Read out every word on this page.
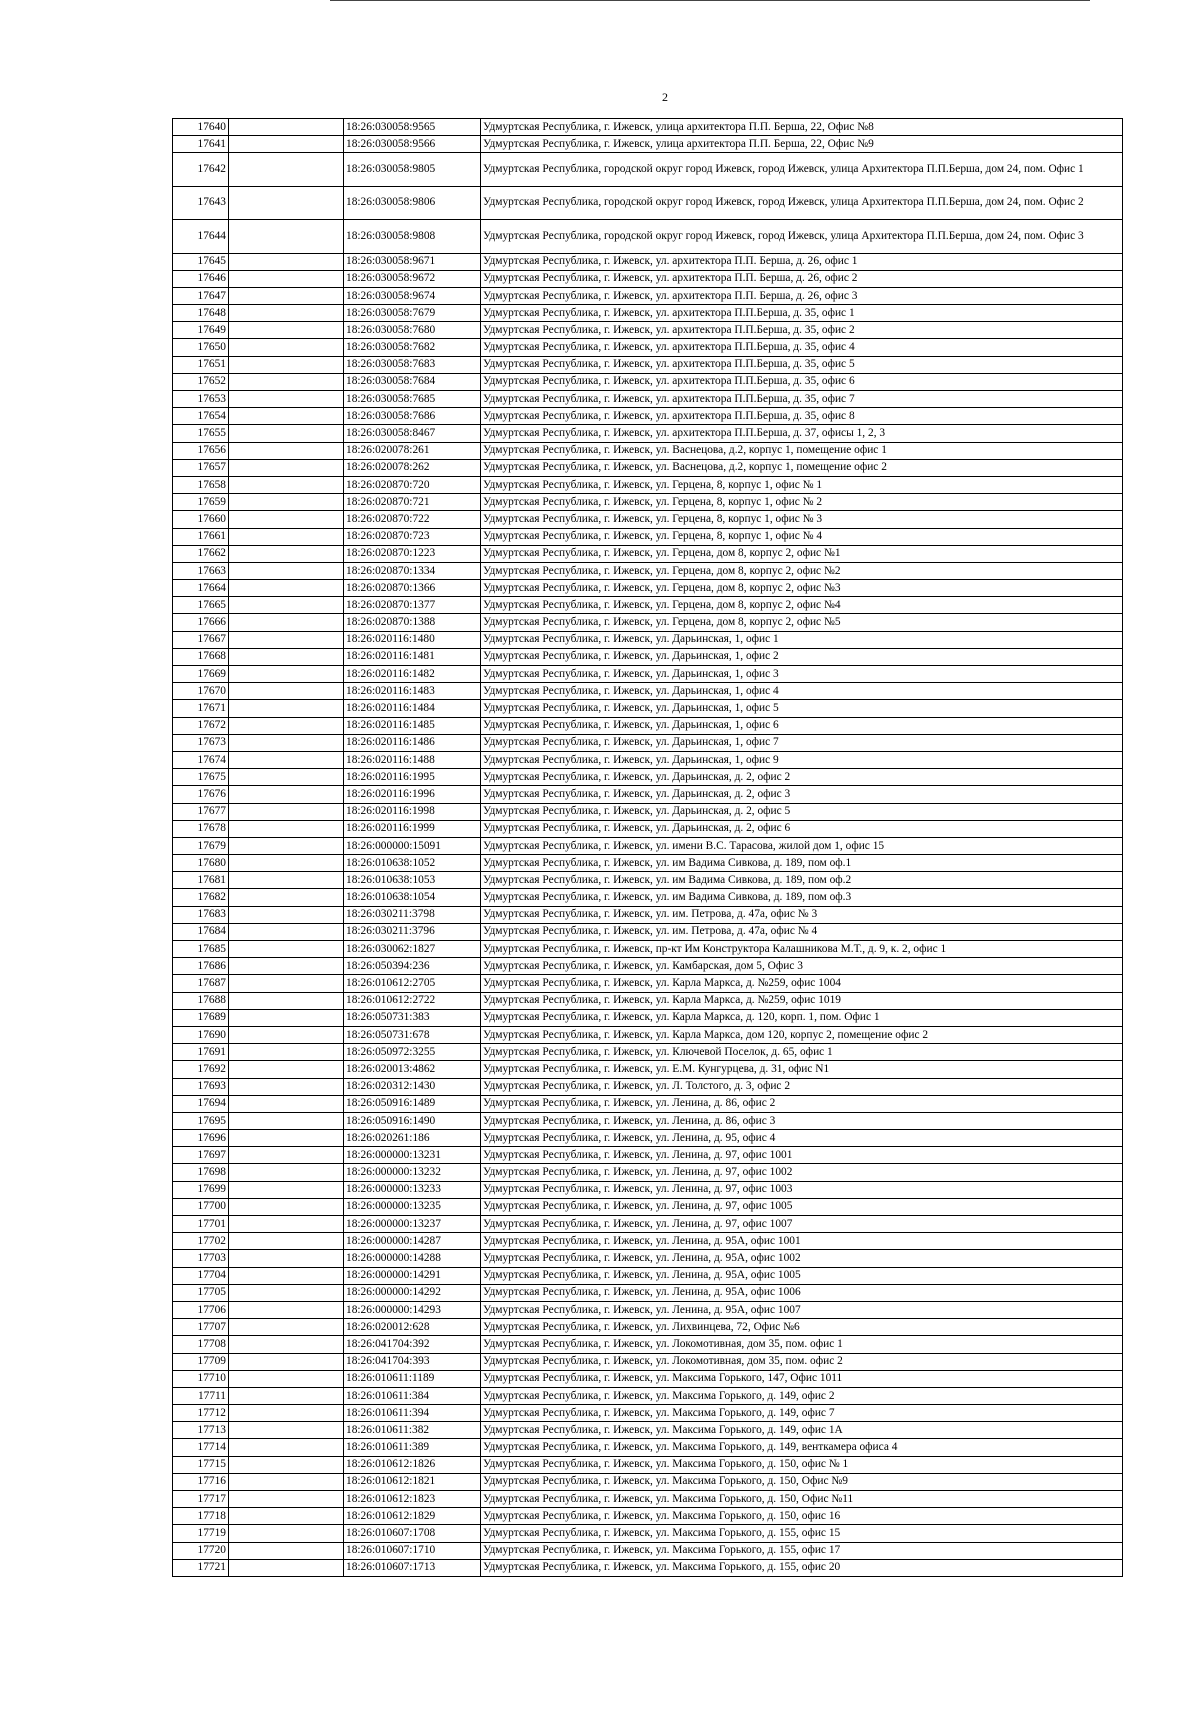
2
17640		18:26:030058:9565	Удмуртская Республика, г. Ижевск, улица архитектора П.П. Берша, 22, Офис №8
17641		18:26:030058:9566	Удмуртская Республика, г. Ижевск, улица архитектора П.П. Берша, 22, Офис №9
17642		18:26:030058:9805	Удмуртская Республика, городской округ город Ижевск, город Ижевск, улица Архитектора П.П.Берша, дом 24, пом. Офис 1
17643		18:26:030058:9806	Удмуртская Республика, городской округ город Ижевск, город Ижевск, улица Архитектора П.П.Берша, дом 24, пом. Офис 2
17644		18:26:030058:9808	Удмуртская Республика, городской округ город Ижевск, город Ижевск, улица Архитектора П.П.Берша, дом 24, пом. Офис 3
17645		18:26:030058:9671	Удмуртская Республика, г. Ижевск, ул. архитектора П.П. Берша, д. 26, офис 1
17646		18:26:030058:9672	Удмуртская Республика, г. Ижевск, ул. архитектора П.П. Берша, д. 26, офис 2
17647		18:26:030058:9674	Удмуртская Республика, г. Ижевск, ул. архитектора П.П. Берша, д. 26, офис 3
17648		18:26:030058:7679	Удмуртская Республика, г. Ижевск, ул. архитектора П.П.Берша, д. 35, офис 1
17649		18:26:030058:7680	Удмуртская Республика, г. Ижевск, ул. архитектора П.П.Берша, д. 35, офис 2
17650		18:26:030058:7682	Удмуртская Республика, г. Ижевск, ул. архитектора П.П.Берша, д. 35, офис 4
17651		18:26:030058:7683	Удмуртская Республика, г. Ижевск, ул. архитектора П.П.Берша, д. 35, офис 5
17652		18:26:030058:7684	Удмуртская Республика, г. Ижевск, ул. архитектора П.П.Берша, д. 35, офис 6
17653		18:26:030058:7685	Удмуртская Республика, г. Ижевск, ул. архитектора П.П.Берша, д. 35, офис 7
17654		18:26:030058:7686	Удмуртская Республика, г. Ижевск, ул. архитектора П.П.Берша, д. 35, офис 8
17655		18:26:030058:8467	Удмуртская Республика, г. Ижевск, ул. архитектора П.П.Берша, д. 37, офисы 1, 2, 3
17656		18:26:020078:261	Удмуртская Республика, г. Ижевск, ул. Васнецова, д.2, корпус 1, помещение офис 1
17657		18:26:020078:262	Удмуртская Республика, г. Ижевск, ул. Васнецова, д.2, корпус 1, помещение офис 2
17658		18:26:020870:720	Удмуртская Республика, г. Ижевск, ул. Герцена, 8, корпус 1, офис № 1
17659		18:26:020870:721	Удмуртская Республика, г. Ижевск, ул. Герцена, 8, корпус 1, офис № 2
17660		18:26:020870:722	Удмуртская Республика, г. Ижевск, ул. Герцена, 8, корпус 1, офис № 3
17661		18:26:020870:723	Удмуртская Республика, г. Ижевск, ул. Герцена, 8, корпус 1, офис № 4
17662		18:26:020870:1223	Удмуртская Республика, г. Ижевск, ул. Герцена, дом 8, корпус 2, офис №1
17663		18:26:020870:1334	Удмуртская Республика, г. Ижевск, ул. Герцена, дом 8, корпус 2, офис №2
17664		18:26:020870:1366	Удмуртская Республика, г. Ижевск, ул. Герцена, дом 8, корпус 2, офис №3
17665		18:26:020870:1377	Удмуртская Республика, г. Ижевск, ул. Герцена, дом 8, корпус 2, офис №4
17666		18:26:020870:1388	Удмуртская Республика, г. Ижевск, ул. Герцена, дом 8, корпус 2, офис №5
17667		18:26:020116:1480	Удмуртская Республика, г. Ижевск, ул. Дарьинская, 1, офис 1
17668		18:26:020116:1481	Удмуртская Республика, г. Ижевск, ул. Дарьинская, 1, офис 2
17669		18:26:020116:1482	Удмуртская Республика, г. Ижевск, ул. Дарьинская, 1, офис 3
17670		18:26:020116:1483	Удмуртская Республика, г. Ижевск, ул. Дарьинская, 1, офис 4
17671		18:26:020116:1484	Удмуртская Республика, г. Ижевск, ул. Дарьинская, 1, офис 5
17672		18:26:020116:1485	Удмуртская Республика, г. Ижевск, ул. Дарьинская, 1, офис 6
17673		18:26:020116:1486	Удмуртская Республика, г. Ижевск, ул. Дарьинская, 1, офис 7
17674		18:26:020116:1488	Удмуртская Республика, г. Ижевск, ул. Дарьинская, 1, офис 9
17675		18:26:020116:1995	Удмуртская Республика, г. Ижевск, ул. Дарьинская, д. 2, офис 2
17676		18:26:020116:1996	Удмуртская Республика, г. Ижевск, ул. Дарьинская, д. 2, офис 3
17677		18:26:020116:1998	Удмуртская Республика, г. Ижевск, ул. Дарьинская, д. 2, офис 5
17678		18:26:020116:1999	Удмуртская Республика, г. Ижевск, ул. Дарьинская, д. 2, офис 6
17679		18:26:000000:15091	Удмуртская Республика, г. Ижевск, ул. имени В.С. Тарасова, жилой дом 1, офис 15
17680		18:26:010638:1052	Удмуртская Республика, г. Ижевск, ул. им Вадима Сивкова, д. 189, пом оф.1
17681		18:26:010638:1053	Удмуртская Республика, г. Ижевск, ул. им Вадима Сивкова, д. 189, пом оф.2
17682		18:26:010638:1054	Удмуртская Республика, г. Ижевск, ул. им Вадима Сивкова, д. 189, пом оф.3
17683		18:26:030211:3798	Удмуртская Республика, г. Ижевск, ул. им. Петрова, д. 47а, офис № 3
17684		18:26:030211:3796	Удмуртская Республика, г. Ижевск, ул. им. Петрова, д. 47а, офис № 4
17685		18:26:030062:1827	Удмуртская Республика, г. Ижевск, пр-кт Им Конструктора Калашникова М.Т., д. 9, к. 2, офис 1
17686		18:26:050394:236	Удмуртская Республика, г. Ижевск, ул. Камбарская, дом 5, Офис 3
17687		18:26:010612:2705	Удмуртская Республика, г. Ижевск, ул. Карла Маркса, д. №259, офис 1004
17688		18:26:010612:2722	Удмуртская Республика, г. Ижевск, ул. Карла Маркса, д. №259, офис 1019
17689		18:26:050731:383	Удмуртская Республика, г. Ижевск, ул. Карла Маркса, д. 120, корп. 1, пом. Офис 1
17690		18:26:050731:678	Удмуртская Республика, г. Ижевск, ул. Карла Маркса, дом 120, корпус 2, помещение офис 2
17691		18:26:050972:3255	Удмуртская Республика, г. Ижевск, ул. Ключевой Поселок, д. 65, офис 1
17692		18:26:020013:4862	Удмуртская Республика, г. Ижевск, ул. Е.М. Кунгурцева, д. 31, офис N1
17693		18:26:020312:1430	Удмуртская Республика, г. Ижевск, ул. Л. Толстого, д. 3, офис 2
17694		18:26:050916:1489	Удмуртская Республика, г. Ижевск, ул. Ленина, д. 86, офис 2
17695		18:26:050916:1490	Удмуртская Республика, г. Ижевск, ул. Ленина, д. 86, офис 3
17696		18:26:020261:186	Удмуртская Республика, г. Ижевск, ул. Ленина, д. 95, офис 4
17697		18:26:000000:13231	Удмуртская Республика, г. Ижевск, ул. Ленина, д. 97, офис 1001
17698		18:26:000000:13232	Удмуртская Республика, г. Ижевск, ул. Ленина, д. 97, офис 1002
17699		18:26:000000:13233	Удмуртская Республика, г. Ижевск, ул. Ленина, д. 97, офис 1003
17700		18:26:000000:13235	Удмуртская Республика, г. Ижевск, ул. Ленина, д. 97, офис 1005
17701		18:26:000000:13237	Удмуртская Республика, г. Ижевск, ул. Ленина, д. 97, офис 1007
17702		18:26:000000:14287	Удмуртская Республика, г. Ижевск, ул. Ленина, д. 95А, офис 1001
17703		18:26:000000:14288	Удмуртская Республика, г. Ижевск, ул. Ленина, д. 95А, офис 1002
17704		18:26:000000:14291	Удмуртская Республика, г. Ижевск, ул. Ленина, д. 95А, офис 1005
17705		18:26:000000:14292	Удмуртская Республика, г. Ижевск, ул. Ленина, д. 95А, офис 1006
17706		18:26:000000:14293	Удмуртская Республика, г. Ижевск, ул. Ленина, д. 95А, офис 1007
17707		18:26:020012:628	Удмуртская Республика, г. Ижевск, ул. Лихвинцева, 72, Офис №6
17708		18:26:041704:392	Удмуртская Республика, г. Ижевск, ул. Локомотивная, дом 35, пом. офис 1
17709		18:26:041704:393	Удмуртская Республика, г. Ижевск, ул. Локомотивная, дом 35, пом. офис 2
17710		18:26:010611:1189	Удмуртская Республика, г. Ижевск, ул. Максима Горького, 147, Офис 1011
17711		18:26:010611:384	Удмуртская Республика, г. Ижевск, ул. Максима Горького, д. 149, офис 2
17712		18:26:010611:394	Удмуртская Республика, г. Ижевск, ул. Максима Горького, д. 149, офис 7
17713		18:26:010611:382	Удмуртская Республика, г. Ижевск, ул. Максима Горького, д. 149, офис 1А
17714		18:26:010611:389	Удмуртская Республика, г. Ижевск, ул. Максима Горького, д. 149, венткамера офиса 4
17715		18:26:010612:1826	Удмуртская Республика, г. Ижевск, ул. Максима Горького, д. 150, офис № 1
17716		18:26:010612:1821	Удмуртская Республика, г. Ижевск, ул. Максима Горького, д. 150, Офис №9
17717		18:26:010612:1823	Удмуртская Республика, г. Ижевск, ул. Максима Горького, д. 150, Офис №11
17718		18:26:010612:1829	Удмуртская Республика, г. Ижевск, ул. Максима Горького, д. 150, офис 16
17719		18:26:010607:1708	Удмуртская Республика, г. Ижевск, ул. Максима Горького, д. 155, офис 15
17720		18:26:010607:1710	Удмуртская Республика, г. Ижевск, ул. Максима Горького, д. 155, офис 17
17721		18:26:010607:1713	Удмуртская Республика, г. Ижевск, ул. Максима Горького, д. 155, офис 20
